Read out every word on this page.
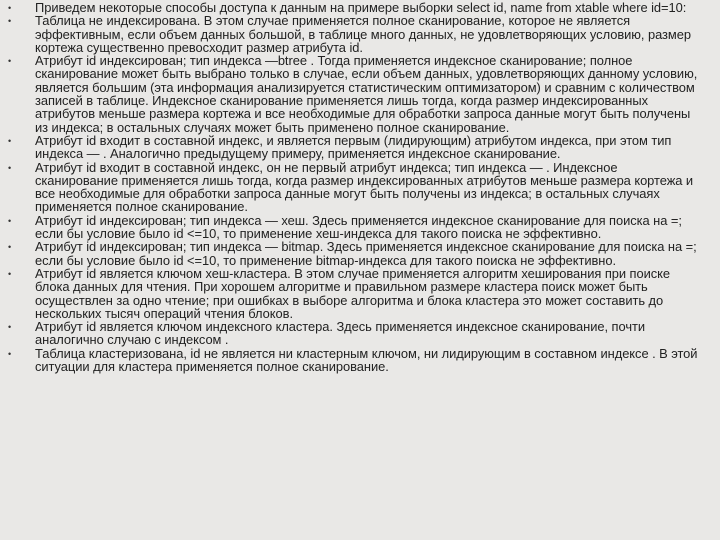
• Приведем некоторые способы доступа к данным на примере выборки select id, name from xtable where id=10:
• Таблица не индексирована. В этом случае применяется полное сканирование, которое не является эффективным, если объем данных большой, в таблице много данных, не удовлетворяющих условию, размер кортежа существенно превосходит размер атрибута id.
• Атрибут id индексирован; тип индекса —btree . Тогда применяется индексное сканирование; полное сканирование может быть выбрано только в случае, если объем данных, удовлетворяющих данному условию, является большим (эта информация анализируется статистическим оптимизатором) и сравним с количеством записей в таблице. Индексное сканирование применяется лишь тогда, когда размер индексированных атрибутов меньше размера кортежа и все необходимые для обработки запроса данные могут быть получены из индекса; в остальных случаях может быть применено полное сканирование.
• Атрибут id входит в составной индекс, и является первым (лидирующим) атрибутом индекса, при этом тип индекса — . Аналогично предыдущему примеру, применяется индексное сканирование.
• Атрибут id входит в составной индекс, он не первый атрибут индекса; тип индекса — . Индексное сканирование применяется лишь тогда, когда размер индексированных атрибутов меньше размера кортежа и все необходимые для обработки запроса данные могут быть получены из индекса; в остальных случаях применяется полное сканирование.
• Атрибут id индексирован; тип индекса — хеш. Здесь применяется индексное сканирование для поиска на =; если бы условие было id <=10, то применение хеш-индекса для такого поиска не эффективно.
• Атрибут id индексирован; тип индекса — bitmap. Здесь применяется индексное сканирование для поиска на =; если бы условие было id <=10, то применение bitmap-индекса для такого поиска не эффективно.
• Атрибут id является ключом хеш-кластера. В этом случае применяется алгоритм хеширования при поиске блока данных для чтения. При хорошем алгоритме и правильном размере кластера поиск может быть осуществлен за одно чтение; при ошибках в выборе алгоритма и блока кластера это может составить до нескольких тысяч операций чтения блоков.
• Атрибут id является ключом индексного кластера. Здесь применяется индексное сканирование, почти аналогично случаю с индексом .
• Таблица кластеризована, id не является ни кластерным ключом, ни лидирующим в составном индексе . В этой ситуации для кластера применяется полное сканирование.
